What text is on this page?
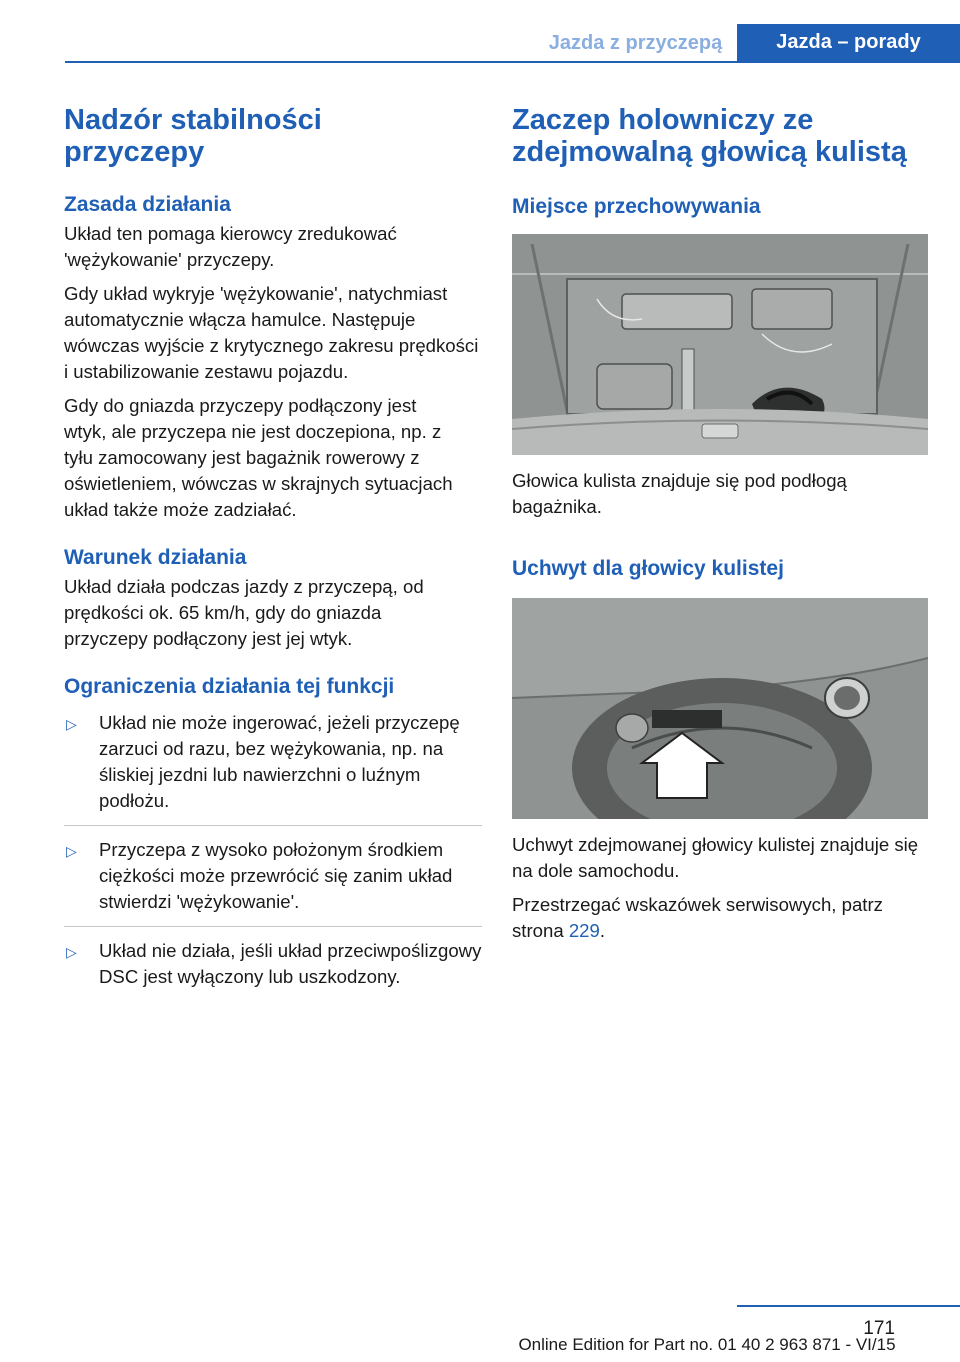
Jazda z przyczepą	Jazda – porady
Nadzór stabilności przyczepy
Zasada działania

Układ ten pomaga kierowcy zredukować 'wężykowanie' przyczepy.

Gdy układ wykryje 'wężykowanie', natychmiast automatycznie włącza hamulce. Następuje wówczas wyjście z krytycznego zakresu prędkości i ustabilizowanie zestawu pojazdu.

Gdy do gniazda przyczepy podłączony jest wtyk, ale przyczepa nie jest doczepiona, np. z tyłu zamocowany jest bagażnik rowerowy z oświetleniem, wówczas w skrajnych sytuacjach układ także może zadziałać.

Warunek działania

Układ działa podczas jazdy z przyczepą, od prędkości ok. 65 km/h, gdy do gniazda przyczepy podłączony jest jej wtyk.

Ograniczenia działania tej funkcji
▷ Układ nie może ingerować, jeżeli przyczepę zarzuci od razu, bez wężykowania, np. na śliskiej jezdni lub nawierzchni o luźnym podłożu.
▷ Przyczepa z wysoko położonym środkiem ciężkości może przewrócić się zanim układ stwierdzi 'wężykowanie'.
▷ Układ nie działa, jeśli układ przeciwpoślizgowy DSC jest wyłączony lub uszkodzony.
Zaczep holowniczy ze zdejmowalną głowicą kulistą
Miejsce przechowywania

Głowica kulista znajduje się pod podłogą bagażnika.

Uchwyt dla głowicy kulistej

Uchwyt zdejmowanej głowicy kulistej znajduje się na dole samochodu.

Przestrzegać wskazówek serwisowych, patrz strona 229.

171
Online Edition for Part no. 01 40 2 963 871 - VI/15
